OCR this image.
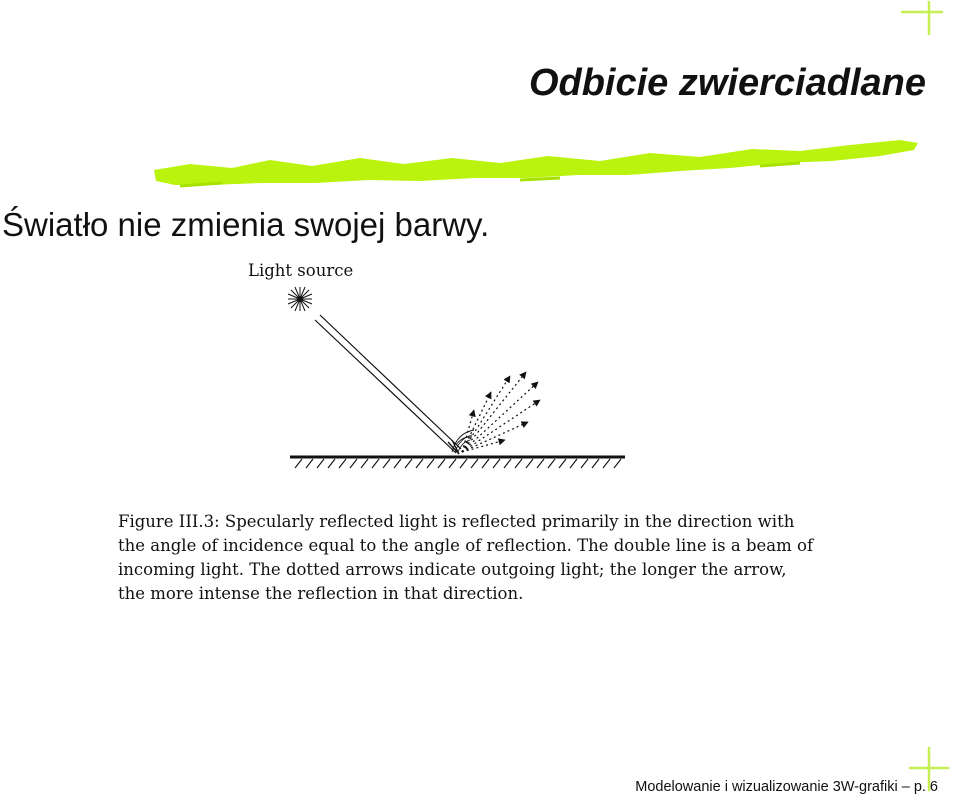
Odbicie zwierciadlane

Światło nie zmienia swojej barwy.

Light source

Figure III.3: Specularly reflected light is reflected primarily in the direction with the angle of incidence equal to the angle of reflection. The double line is a beam of incoming light. The dotted arrows indicate outgoing light; the longer the arrow, the more intense the reflection in that direction.

Modelowanie i wizualizowanie 3W-grafiki – p. 6
